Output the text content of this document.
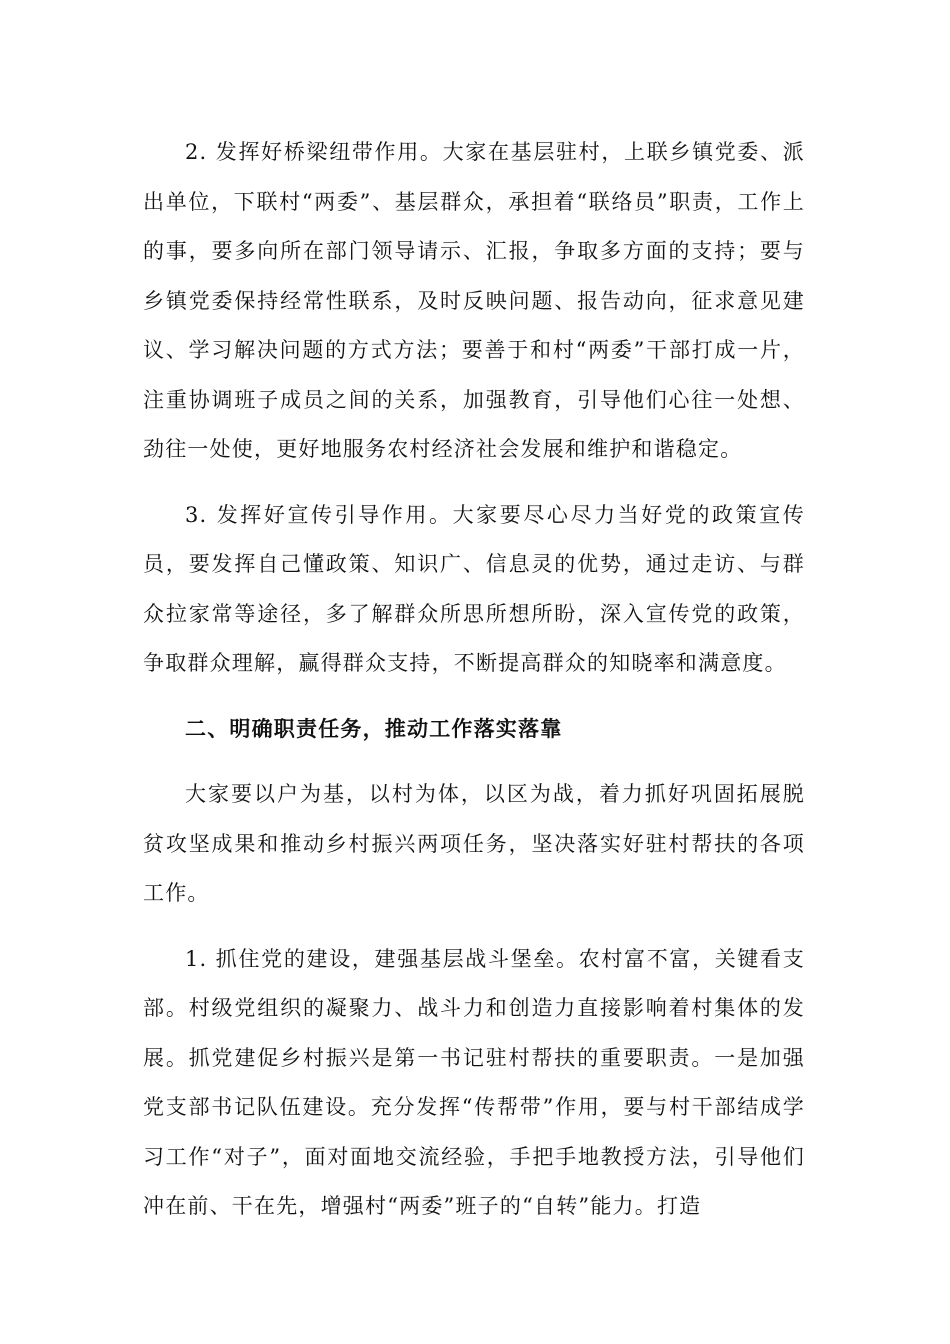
2. 发挥好桥梁纽带作用。大家在基层驻村，上联乡镇党委、派出单位，下联村“两委”、基层群众，承担着“联络员”职责，工作上的事，要多向所在部门领导请示、汇报，争取多方面的支持；要与乡镇党委保持经常性联系，及时反映问题、报告动向，征求意见建议、学习解决问题的方式方法；要善于和村“两委”干部打成一片，注重协调班子成员之间的关系，加强教育，引导他们心往一处想、劲往一处使，更好地服务农村经济社会发展和维护和谐稳定。

3. 发挥好宣传引导作用。大家要尽心尽力当好党的政策宣传员，要发挥自己懂政策、知识广、信息灵的优势，通过走访、与群众拉家常等途径，多了解群众所思所想所盼，深入宣传党的政策，争取群众理解，赢得群众支持，不断提高群众的知晓率和满意度。

二、明确职责任务，推动工作落实落靠

大家要以户为基，以村为体，以区为战，着力抓好巩固拓展脱贫攻坚成果和推动乡村振兴两项任务，坚决落实好驻村帮扶的各项工作。

1. 抓住党的建设，建强基层战斗堡垒。农村富不富，关键看支部。村级党组织的凝聚力、战斗力和创造力直接影响着村集体的发展。抓党建促乡村振兴是第一书记驻村帮扶的重要职责。一是加强党支部书记队伍建设。充分发挥“传帮带”作用，要与村干部结成学习工作“对子”，面对面地交流经验，手把手地教授方法，引导他们冲在前、干在先，增强村“两委”班子的“自转”能力。打造
